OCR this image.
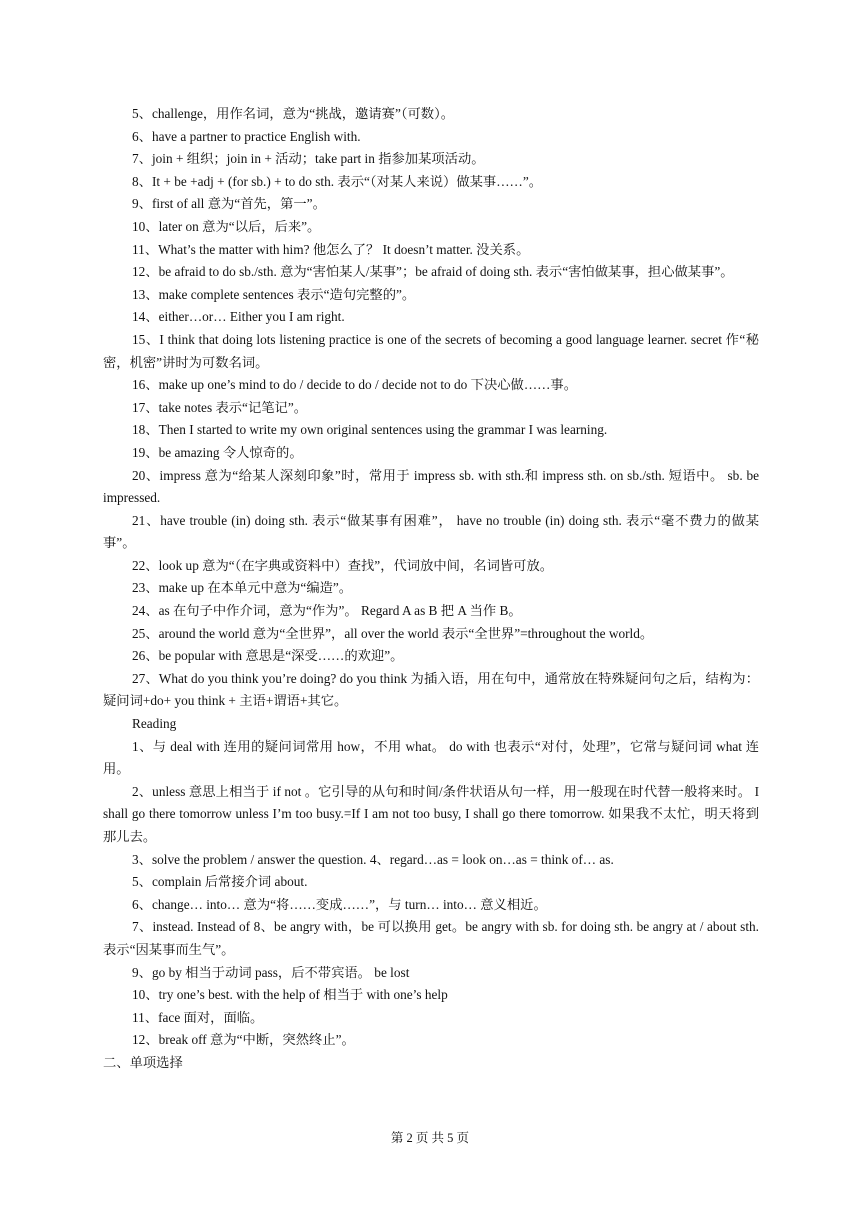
5、challenge，用作名词，意为“挑战，邀请赛”（可数）。

6、have a partner to practice English with.

7、join + 组织；join in + 活动；take part in 指参加某项活动。

8、It + be +adj + (for sb.) + to do sth. 表示“（对某人来说）做某事……”。

9、first of all 意为“首先，第一”。

10、later on 意为“以后，后来”。

11、What’s the matter with him? 他怎么了？ It doesn’t matter. 没关系。

12、be afraid to do sb./sth. 意为“害怕某人/某事”；be afraid of doing sth. 表示“害怕做某事，担心做某事”。

13、make complete sentences 表示“造句完整的”。

14、either…or… Either you I am right.

15、I think that doing lots listening practice is one of the secrets of becoming a good language learner. secret 作“秘密，机密”讲时为可数名词。

16、make up one’s mind to do / decide to do / decide not to do 下决心做……事。

17、take notes 表示“记笔记”。

18、Then I started to write my own original sentences using the grammar I was learning.

19、be amazing 令人惊奇的。

20、impress 意为“给某人深刻印象”时，常用于 impress sb. with sth.和 impress sth. on sb./sth. 短语中。 sb. be impressed.

21、have trouble (in) doing sth. 表示“做某事有困难”， have no trouble (in) doing sth. 表示“毫不费力的做某事”。

22、look up 意为“（在字典或资料中）查找”，代词放中间，名词皆可放。

23、make up 在本单元中意为“编造”。

24、as 在句子中作介词，意为“作为”。 Regard A as B 把 A 当作 B。

25、around the world 意为“全世界”，all over the world 表示“全世界”=throughout the world。

26、be popular with 意思是“深受……的欢迎”。

27、What do you think you’re doing? do you think 为插入语，用在句中，通常放在特殊疑问句之后，结构为：疑问词+do+ you think + 主语+谓语+其它。

Reading

1、与 deal with 连用的疑问词常用 how，不用 what。 do with 也表示“对付，处理”，它常与疑问词 what 连用。

2、unless 意思上相当于 if not 。它引导的从句和时间/条件状语从句一样，用一般现在时代替一般将来时。 I shall go there tomorrow unless I’m too busy.=If I am not too busy, I shall go there tomorrow. 如果我不太忙，明天将到那儿去。

3、solve the problem / answer the question. 4、regard…as = look on…as = think of… as.

5、complain 后常接介词 about.

6、change… into… 意为“将……变成……”，与 turn… into… 意义相近。

7、instead. Instead of 8、be angry with，be 可以换用 get。be angry with sb. for doing sth. be angry at / about sth. 表示“因某事而生气”。

9、go by 相当于动词 pass，后不带宾语。 be lost

10、try one’s best. with the help of 相当于 with one’s help

11、face 面对，面临。

12、break off 意为“中断，突然终止”。

二、单项选择

第 2 页 共 5 页
